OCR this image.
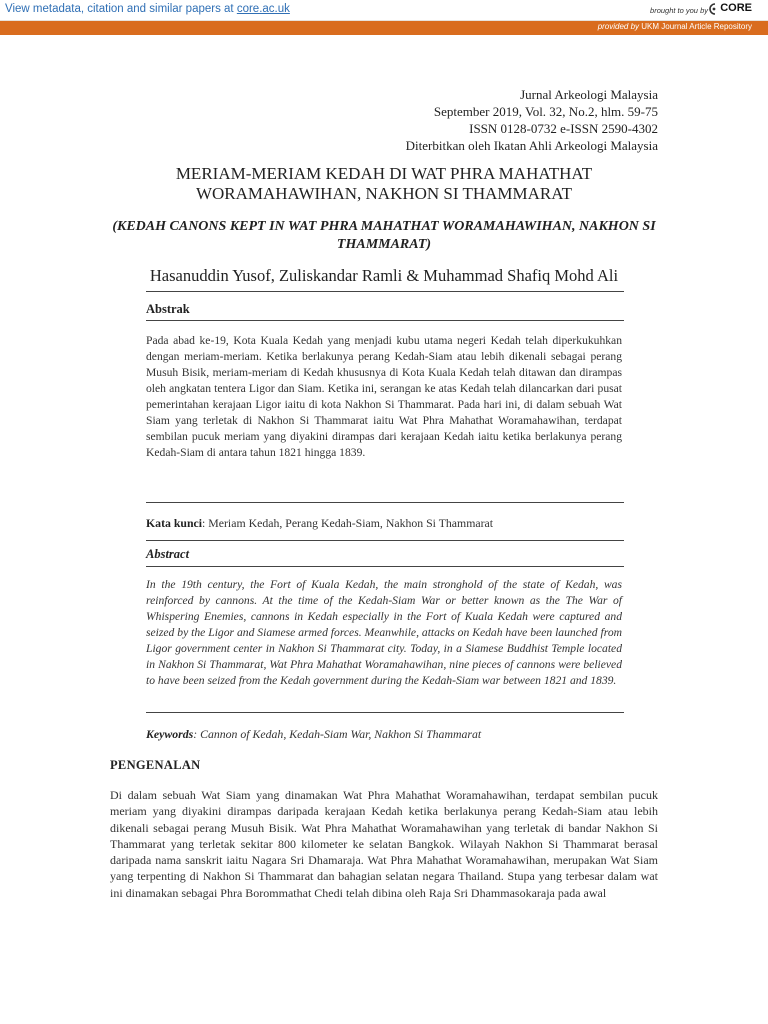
View metadata, citation and similar papers at core.ac.uk	brought to you by CORE
provided by UKM Journal Article Repository
Jurnal Arkeologi Malaysia
September 2019, Vol. 32, No.2, hlm. 59-75
ISSN 0128-0732 e-ISSN 2590-4302
Diterbitkan oleh Ikatan Ahli Arkeologi Malaysia
MERIAM-MERIAM KEDAH DI WAT PHRA MAHATHAT WORAMAHAWIHAN, NAKHON SI THAMMARAT
(KEDAH CANONS KEPT IN WAT PHRA MAHATHAT WORAMAHAWIHAN, NAKHON SI THAMMARAT)
Hasanuddin Yusof, Zuliskandar Ramli & Muhammad Shafiq Mohd Ali
Abstrak
Pada abad ke-19, Kota Kuala Kedah yang menjadi kubu utama negeri Kedah telah diperkukuhkan dengan meriam-meriam. Ketika berlakunya perang Kedah-Siam atau lebih dikenali sebagai perang Musuh Bisik, meriam-meriam di Kedah khususnya di Kota Kuala Kedah telah ditawan dan dirampas oleh angkatan tentera Ligor dan Siam. Ketika ini, serangan ke atas Kedah telah dilancarkan dari pusat pemerintahan kerajaan Ligor iaitu di kota Nakhon Si Thammarat. Pada hari ini, di dalam sebuah Wat Siam yang terletak di Nakhon Si Thammarat iaitu Wat Phra Mahathat Woramahawihan, terdapat sembilan pucuk meriam yang diyakini dirampas dari kerajaan Kedah iaitu ketika berlakunya perang Kedah-Siam di antara tahun 1821 hingga 1839.
Kata kunci: Meriam Kedah, Perang Kedah-Siam, Nakhon Si Thammarat
Abstract
In the 19th century, the Fort of Kuala Kedah, the main stronghold of the state of Kedah, was reinforced by cannons. At the time of the Kedah-Siam War or better known as the The War of Whispering Enemies, cannons in Kedah especially in the Fort of Kuala Kedah were captured and seized by the Ligor and Siamese armed forces. Meanwhile, attacks on Kedah have been launched from Ligor government center in Nakhon Si Thammarat city. Today, in a Siamese Buddhist Temple located in Nakhon Si Thammarat, Wat Phra Mahathat Woramahawihan, nine pieces of cannons were believed to have been seized from the Kedah government during the Kedah-Siam war between 1821 and 1839.
Keywords: Cannon of Kedah, Kedah-Siam War, Nakhon Si Thammarat
PENGENALAN
Di dalam sebuah Wat Siam yang dinamakan Wat Phra Mahathat Woramahawihan, terdapat sembilan pucuk meriam yang diyakini dirampas daripada kerajaan Kedah ketika berlakunya perang Kedah-Siam atau lebih dikenali sebagai perang Musuh Bisik. Wat Phra Mahathat Woramahawihan yang terletak di bandar Nakhon Si Thammarat yang terletak sekitar 800 kilometer ke selatan Bangkok. Wilayah Nakhon Si Thammarat berasal daripada nama sanskrit iaitu Nagara Sri Dhamaraja. Wat Phra Mahathat Woramahawihan, merupakan Wat Siam yang terpenting di Nakhon Si Thammarat dan bahagian selatan negara Thailand. Stupa yang terbesar dalam wat ini dinamakan sebagai Phra Borommathat Chedi telah dibina oleh Raja Sri Dhammasokaraja pada awal
